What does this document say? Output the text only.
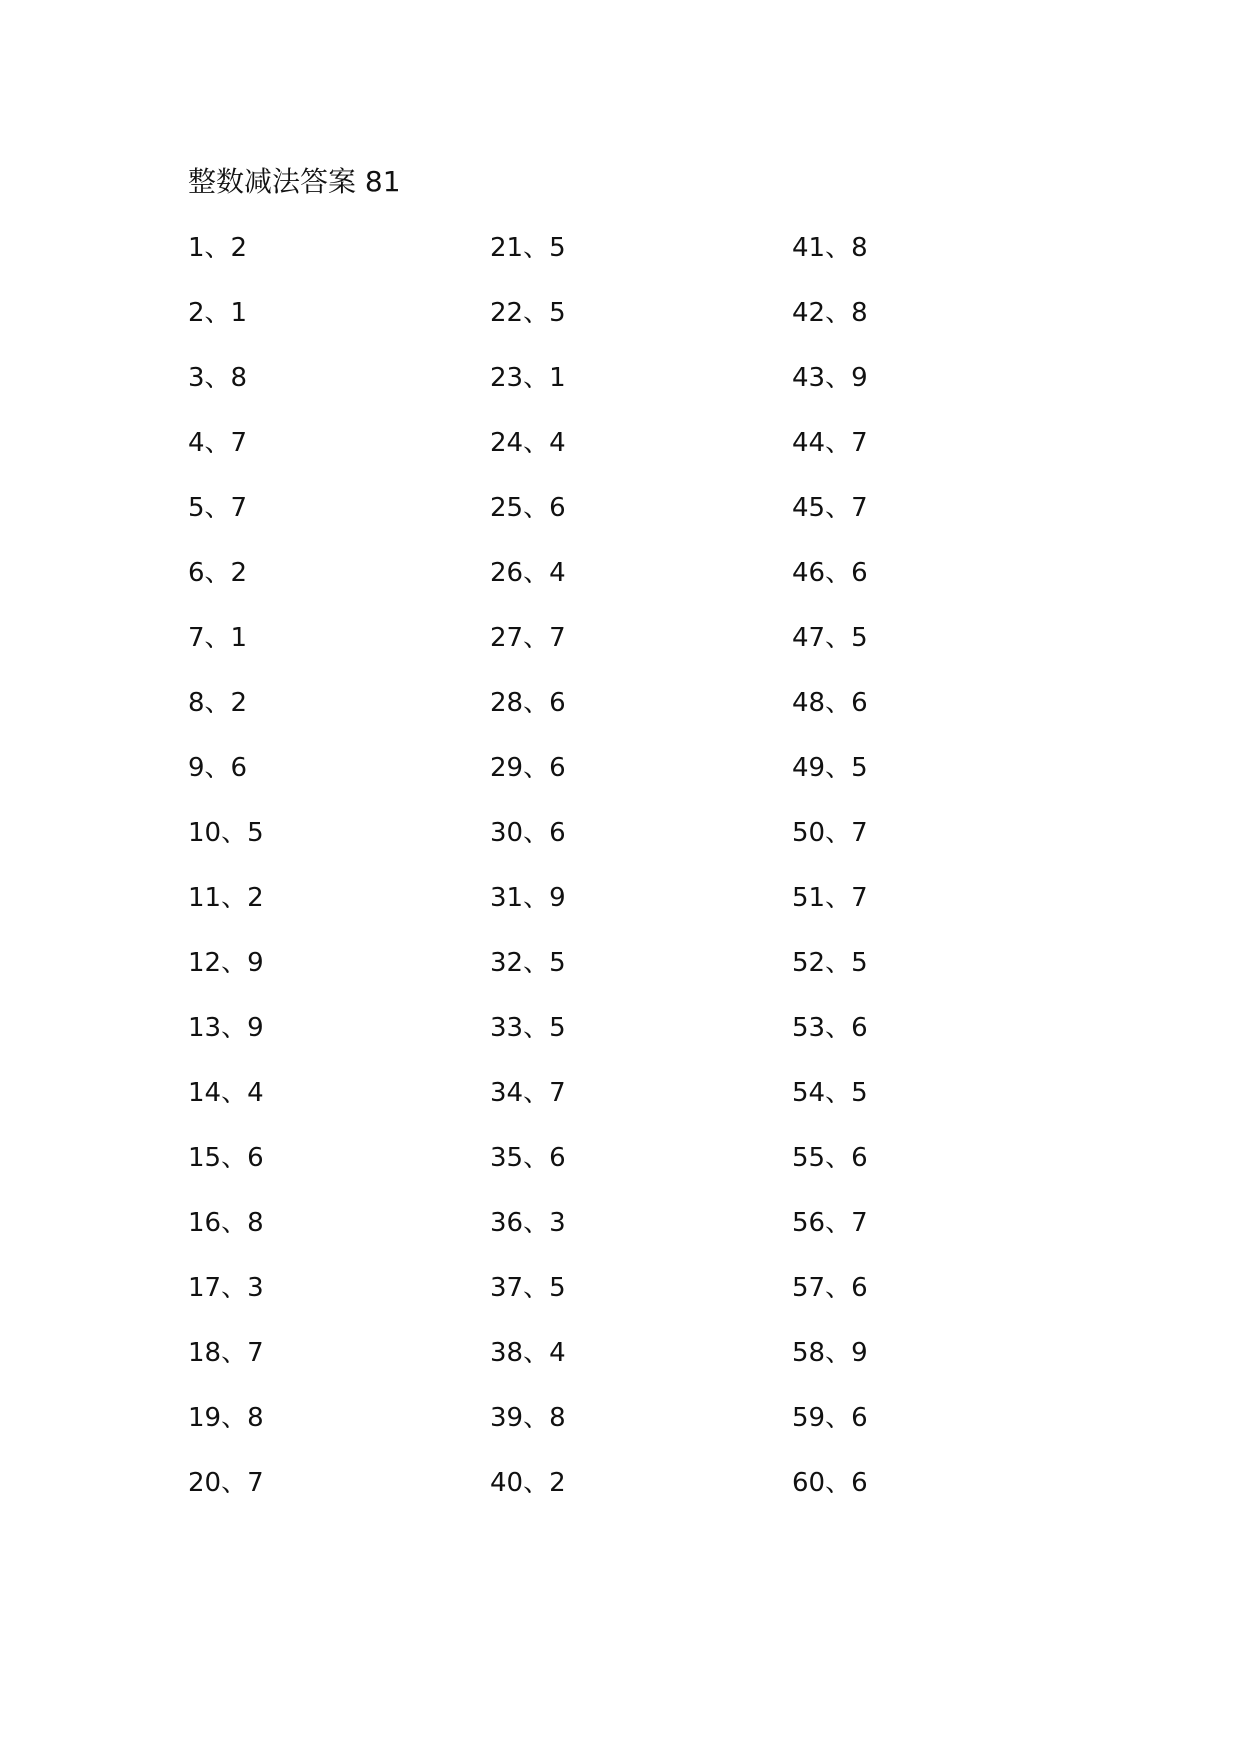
整数减法答案 81
1、2
2、1
3、8
4、7
5、7
6、2
7、1
8、2
9、6
10、5
11、2
12、9
13、9
14、4
15、6
16、8
17、3
18、7
19、8
20、7
21、5
22、5
23、1
24、4
25、6
26、4
27、7
28、6
29、6
30、6
31、9
32、5
33、5
34、7
35、6
36、3
37、5
38、4
39、8
40、2
41、8
42、8
43、9
44、7
45、7
46、6
47、5
48、6
49、5
50、7
51、7
52、5
53、6
54、5
55、6
56、7
57、6
58、9
59、6
60、6
